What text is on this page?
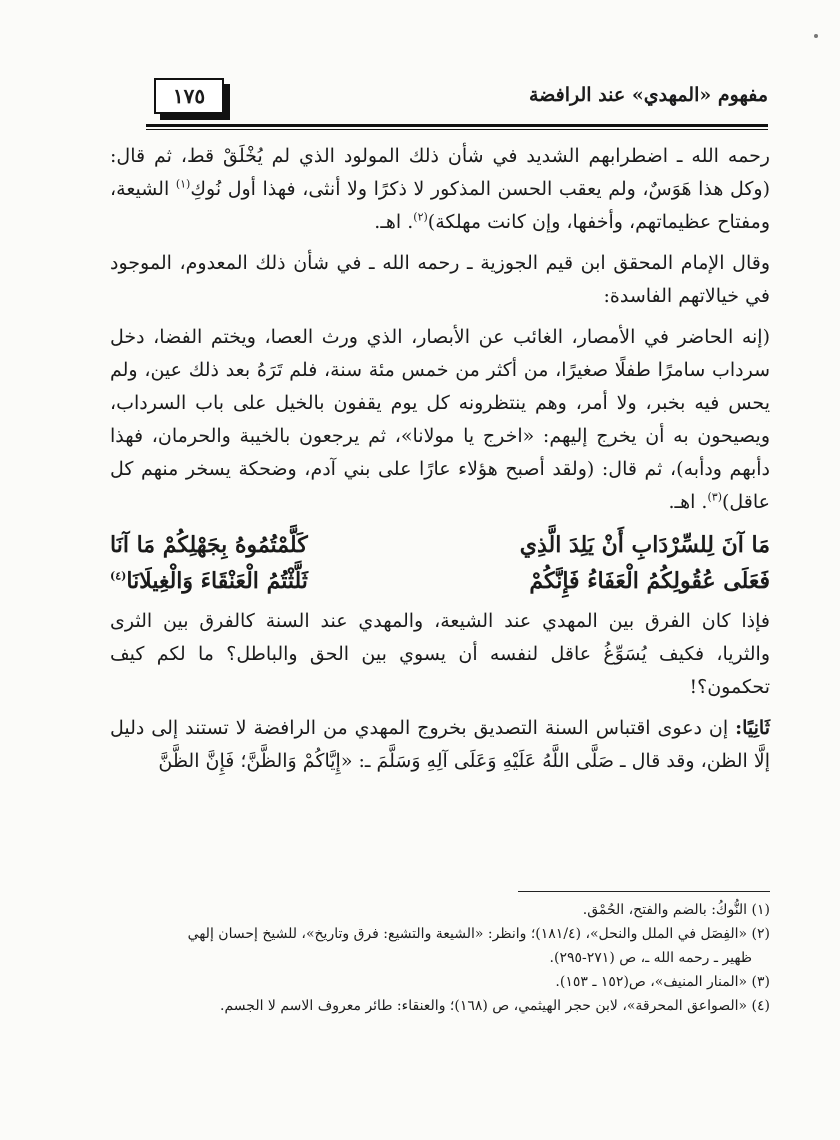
مفهوم «المهدي» عند الرافضة
١٧٥

رحمه الله ـ اضطرابهم الشديد في شأن ذلك المولود الذي لم يُخْلَقْ قط، ثم قال: (وكل هذا هَوَسٌ، ولم يعقب الحسن المذكور لا ذكرًا ولا أنثى، فهذا أول نُوكِ$^{(١)}$ الشيعة، ومفتاح عظيماتهم، وأخفها، وإن كانت مهلكة)$^{(٢)}$. اهـ.

وقال الإمام المحقق ابن قيم الجوزية ـ رحمه الله ـ في شأن ذلك المعدوم، الموجود في خيالاتهم الفاسدة:

(إنه الحاضر في الأمصار، الغائب عن الأبصار، الذي ورث العصا، ويختم الفضا، دخل سرداب سامرًا طفلًا صغيرًا، من أكثر من خمس مئة سنة، فلم تَرَهُ بعد ذلك عين، ولم يحس فيه بخبر، ولا أمر، وهم ينتظرونه كل يوم يقفون بالخيل على باب السرداب، ويصيحون به أن يخرج إليهم: «اخرج يا مولانا»، ثم يرجعون بالخيبة والحرمان، فهذا دأبهم ودأبه)، ثم قال: (ولقد أصبح هؤلاء عارًا على بني آدم، وضحكة يسخر منهم كل عاقل)$^{(٣)}$. اهـ.

مَا آنَ لِلسِّرْدَابِ أَنْ يَلِدَ الَّذِي
كَلَّمْتُمُوهُ بِجَهْلِكُمْ مَا آنَا
فَعَلَى عُقُولِكُمُ الْعَفَاءُ فَإِنَّكُمْ
ثَلَّثْتُمُ الْعَنْقَاءَ وَالْغِيلَانَا$^{(٤)}$

فإذا كان الفرق بين المهدي عند الشيعة، والمهدي عند السنة كالفرق بين الثرى والثريا، فكيف يُسَوِّغُ عاقل لنفسه أن يسوي بين الحق والباطل؟ ما لكم كيف تحكمون؟!

ثَانِيًا: إن دعوى اقتباس السنة التصديق بخروج المهدي من الرافضة لا تستند إلى دليل إلَّا الظن، وقد قال ـ صَلَّى اللَّهُ عَلَيْهِ وَعَلَى آلِهِ وَسَلَّمَ ـ: «إِيَّاكُمْ وَالظَّنَّ؛ فَإِنَّ الظَّنَّ

(١) النُّوكُ: بالضم والفتح، الحُمْق.

(٢) «الفِصَل في الملل والنحل»، (١٨١/٤)؛ وانظر: «الشيعة والتشيع: فرق وتاريخ»، للشيخ إحسان إلهي

ظهير ـ رحمه الله ـ، ص (٢٧١-٢٩٥).

(٣) «المنار المنيف»، ص(١٥٢ ـ ١٥٣).

(٤) «الصواعق المحرقة»، لابن حجر الهيثمي، ص (١٦٨)؛ والعنقاء: طائر معروف الاسم لا الجسم.
